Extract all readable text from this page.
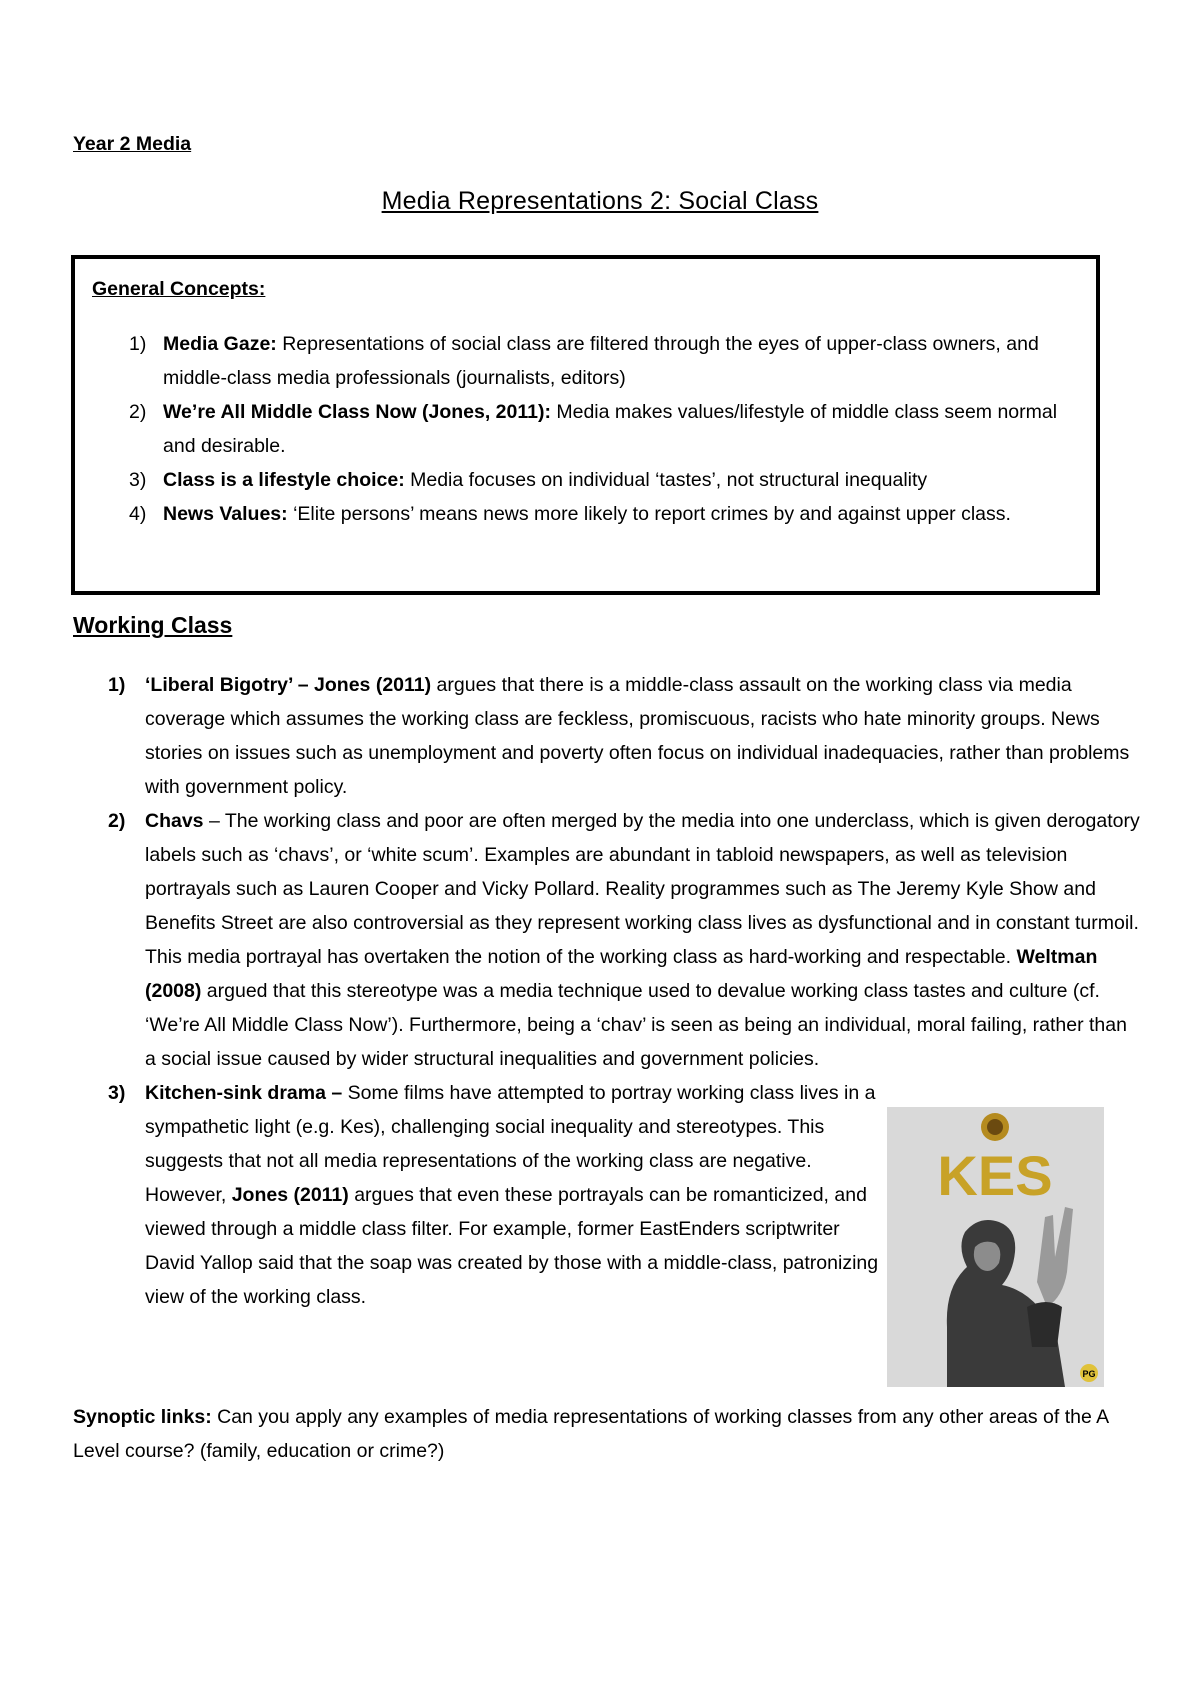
Year 2 Media
Media Representations 2: Social Class
General Concepts:
1) Media Gaze: Representations of social class are filtered through the eyes of upper-class owners, and middle-class media professionals (journalists, editors)
2) We’re All Middle Class Now (Jones, 2011): Media makes values/lifestyle of middle class seem normal and desirable.
3) Class is a lifestyle choice: Media focuses on individual ‘tastes’, not structural inequality
4) News Values: ‘Elite persons’ means news more likely to report crimes by and against upper class.
Working Class
1) ‘Liberal Bigotry’ – Jones (2011) argues that there is a middle-class assault on the working class via media coverage which assumes the working class are feckless, promiscuous, racists who hate minority groups. News stories on issues such as unemployment and poverty often focus on individual inadequacies, rather than problems with government policy.
2) Chavs – The working class and poor are often merged by the media into one underclass, which is given derogatory labels such as ‘chavs’, or ‘white scum’. Examples are abundant in tabloid newspapers, as well as television portrayals such as Lauren Cooper and Vicky Pollard. Reality programmes such as The Jeremy Kyle Show and Benefits Street are also controversial as they represent working class lives as dysfunctional and in constant turmoil. This media portrayal has overtaken the notion of the working class as hard-working and respectable. Weltman (2008) argued that this stereotype was a media technique used to devalue working class tastes and culture (cf. ‘We’re All Middle Class Now’). Furthermore, being a ‘chav’ is seen as being an individual, moral failing, rather than a social issue caused by wider structural inequalities and government policies.
3) Kitchen-sink drama – Some films have attempted to portray working class lives in a sympathetic light (e.g. Kes), challenging social inequality and stereotypes. This suggests that not all media representations of the working class are negative. However, Jones (2011) argues that even these portrayals can be romanticized, and viewed through a middle class filter. For example, former EastEnders scriptwriter David Yallop said that the soap was created by those with a middle-class, patronizing view of the working class.
KES
PG
Synoptic links: Can you apply any examples of media representations of working classes from any other areas of the A Level course? (family, education or crime?)
